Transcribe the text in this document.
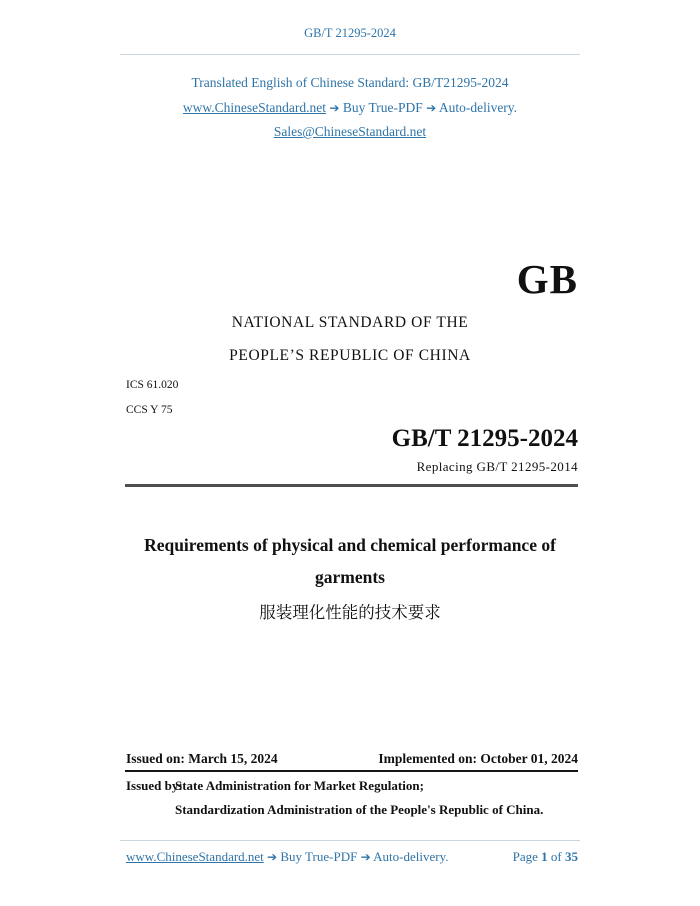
GB/T 21295-2024
Translated English of Chinese Standard: GB/T21295-2024
www.ChineseStandard.net ➔ Buy True-PDF ➔ Auto-delivery.
Sales@ChineseStandard.net
GB
NATIONAL STANDARD OF THE
PEOPLE’S REPUBLIC OF CHINA
ICS 61.020
CCS Y 75
GB/T 21295-2024
Replacing GB/T 21295-2014
Requirements of physical and chemical performance of
garments
服装理化性能的技术要求
Issued on: March 15, 2024	Implemented on: October 01, 2024
Issued by:
State Administration for Market Regulation;
Standardization Administration of the People's Republic of China.
www.ChineseStandard.net ➔ Buy True-PDF ➔ Auto-delivery.	Page 1 of 35
